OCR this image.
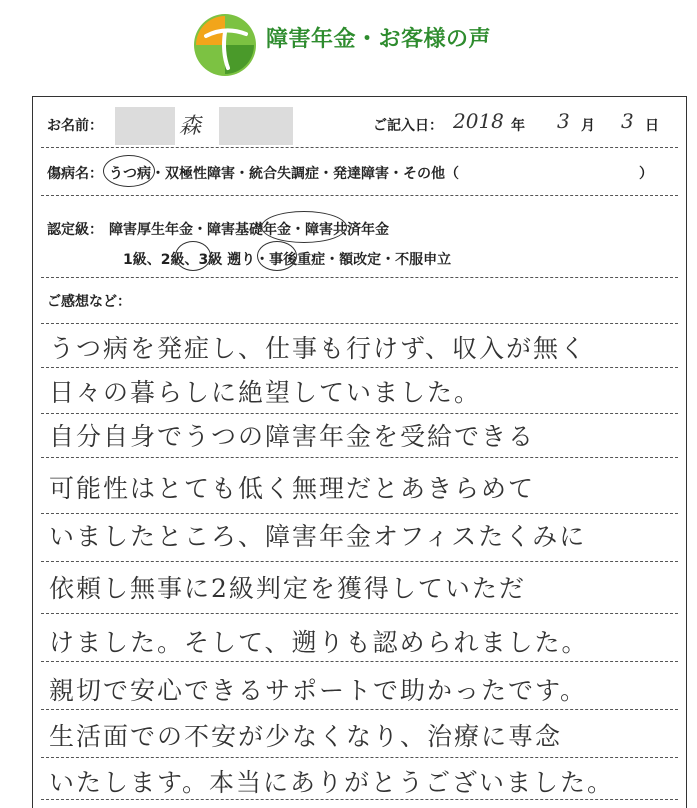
障害年金・お客様の声
お名前：	森	ご記入日： 2018 年 3 月 3 日
傷病名： うつ病・双極性障害・統合失調症・発達障害・その他（	）
認定級： 障害厚生年金・障害基礎年金・障害共済年金
1級、2級、3級 遡り・事後重症・額改定・不服申立
ご感想など：
うつ病を発症し、仕事も行けず、収入が無く
日々の暮らしに絶望していました。
自分自身でうつの障害年金を受給できる
可能性はとても低く無理だとあきらめて
いましたところ、障害年金オフィスたくみに
依頼し無事に2級判定を獲得していただ
けました。そして、遡りも認められました。
親切で安心できるサポートで助かったです。
生活面での不安が少なくなり、治療に専念
いたします。本当にありがとうございました。
